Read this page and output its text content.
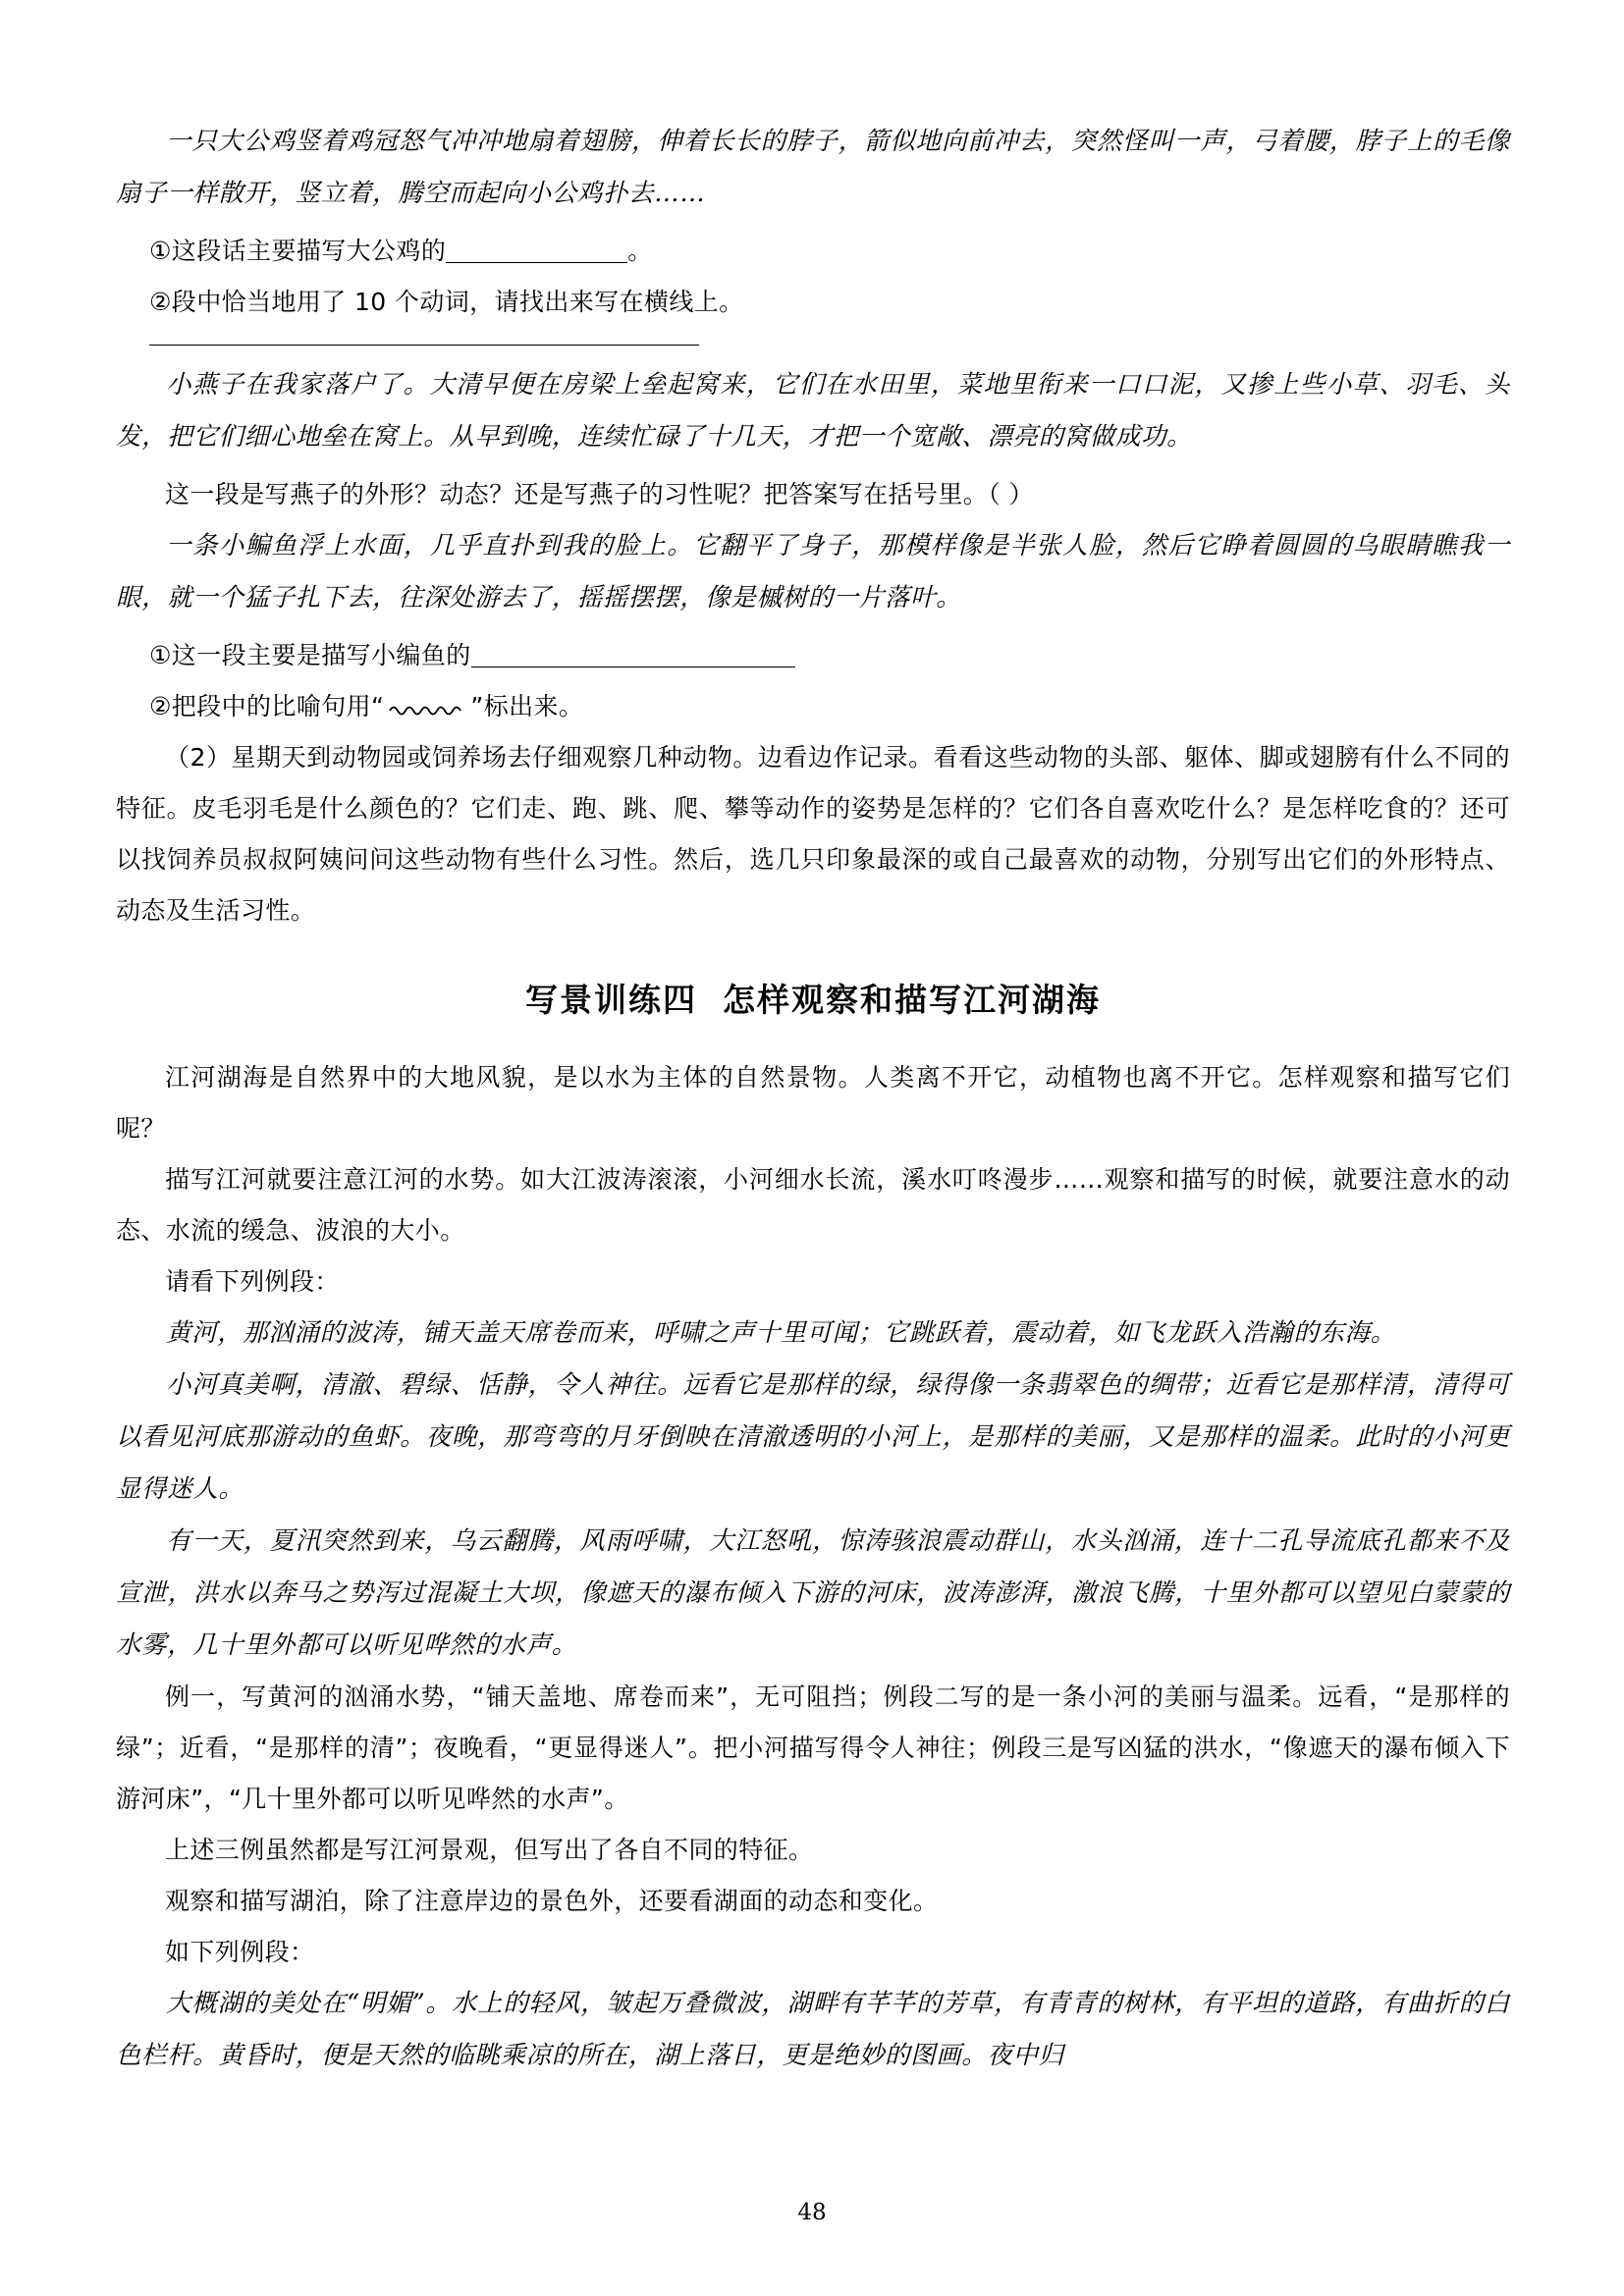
一只大公鸡竖着鸡冠怒气冲冲地扇着翅膀，伸着长长的脖子，箭似地向前冲去，突然怪叫一声，弓着腰，脖子上的毛像扇子一样散开，竖立着，腾空而起向小公鸡扑去……

①这段话主要描写大公鸡的	。

②段中恰当地用了 10 个动词，请找出来写在横线上。

小燕子在我家落户了。大清早便在房梁上垒起窝来，它们在水田里，菜地里衔来一口口泥，又掺上些小草、羽毛、头发，把它们细心地垒在窝上。从早到晚，连续忙碌了十几天，才把一个宽敞、漂亮的窝做成功。

这一段是写燕子的外形？动态？还是写燕子的习性呢？把答案写在括号里。（ ）

一条小鳊鱼浮上水面，几乎直扑到我的脸上。它翻平了身子，那模样像是半张人脸，然后它睁着圆圆的乌眼睛瞧我一眼，就一个猛子扎下去，往深处游去了，摇摇摆摆，像是槭树的一片落叶。

①这一段主要是描写小编鱼的

②把段中的比喻句用“	”标出来。

（2）星期天到动物园或饲养场去仔细观察几种动物。边看边作记录。看看这些动物的头部、躯体、脚或翅膀有什么不同的特征。皮毛羽毛是什么颜色的？它们走、跑、跳、爬、攀等动作的姿势是怎样的？它们各自喜欢吃什么？是怎样吃食的？还可以找饲养员叔叔阿姨问问这些动物有些什么习性。然后，选几只印象最深的或自己最喜欢的动物，分别写出它们的外形特点、动态及生活习性。

写景训练四 怎样观察和描写江河湖海

江河湖海是自然界中的大地风貌，是以水为主体的自然景物。人类离不开它，动植物也离不开它。怎样观察和描写它们呢？

描写江河就要注意江河的水势。如大江波涛滚滚，小河细水长流，溪水叮咚漫步……观察和描写的时候，就要注意水的动态、水流的缓急、波浪的大小。

请看下列例段：

黄河，那汹涌的波涛，铺天盖天席卷而来，呼啸之声十里可闻；它跳跃着，震动着，如飞龙跃入浩瀚的东海。

小河真美啊，清澈、碧绿、恬静，令人神往。远看它是那样的绿，绿得像一条翡翠色的绸带；近看它是那样清，清得可以看见河底那游动的鱼虾。夜晚，那弯弯的月牙倒映在清澈透明的小河上，是那样的美丽，又是那样的温柔。此时的小河更显得迷人。

有一天，夏汛突然到来，乌云翻腾，风雨呼啸，大江怒吼，惊涛骇浪震动群山，水头汹涌，连十二孔导流底孔都来不及宣泄，洪水以奔马之势泻过混凝土大坝，像遮天的瀑布倾入下游的河床，波涛澎湃，激浪飞腾，十里外都可以望见白蒙蒙的水雾，几十里外都可以听见哗然的水声。

例一，写黄河的汹涌水势，“铺天盖地、席卷而来”，无可阻挡；例段二写的是一条小河的美丽与温柔。远看，“是那样的绿”；近看，“是那样的清”；夜晚看，“更显得迷人”。把小河描写得令人神往；例段三是写凶猛的洪水，“像遮天的瀑布倾入下游河床”，“几十里外都可以听见哗然的水声”。

上述三例虽然都是写江河景观，但写出了各自不同的特征。

观察和描写湖泊，除了注意岸边的景色外，还要看湖面的动态和变化。

如下列例段：

大概湖的美处在“明媚”。水上的轻风，皱起万叠微波，湖畔有芊芊的芳草，有青青的树林，有平坦的道路，有曲折的白色栏杆。黄昏时，便是天然的临眺乘凉的所在，湖上落日，更是绝妙的图画。夜中归

48
